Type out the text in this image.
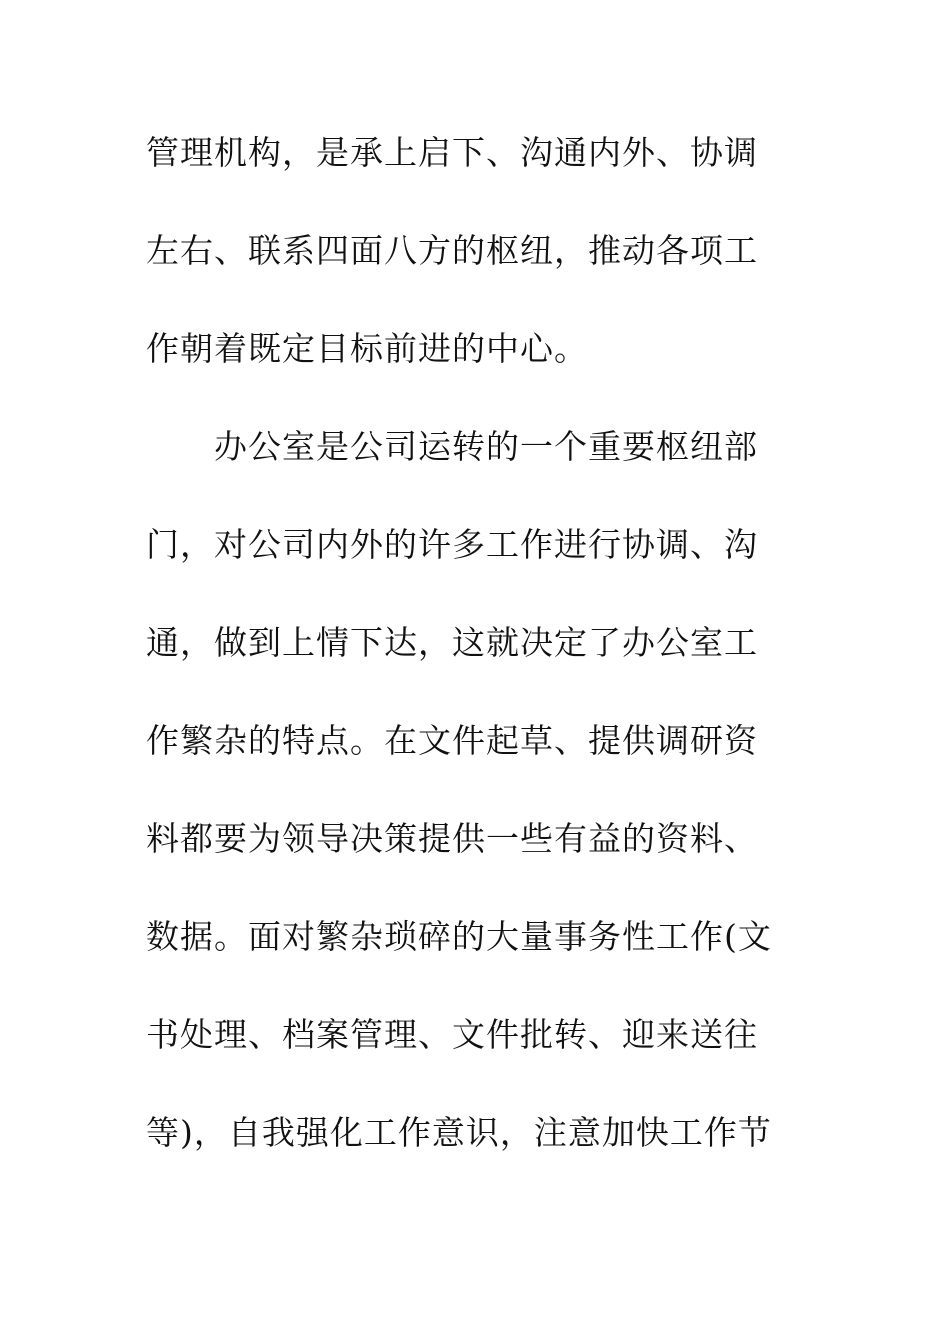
管理机构，是承上启下、沟通内外、协调
左右、联系四面八方的枢纽，推动各项工
作朝着既定目标前进的中心。
办公室是公司运转的一个重要枢纽部
门，对公司内外的许多工作进行协调、沟
通，做到上情下达，这就决定了办公室工
作繁杂的特点。在文件起草、提供调研资
料都要为领导决策提供一些有益的资料、
数据。面对繁杂琐碎的大量事务性工作(文
书处理、档案管理、文件批转、迎来送往
等)，自我强化工作意识，注意加快工作节
